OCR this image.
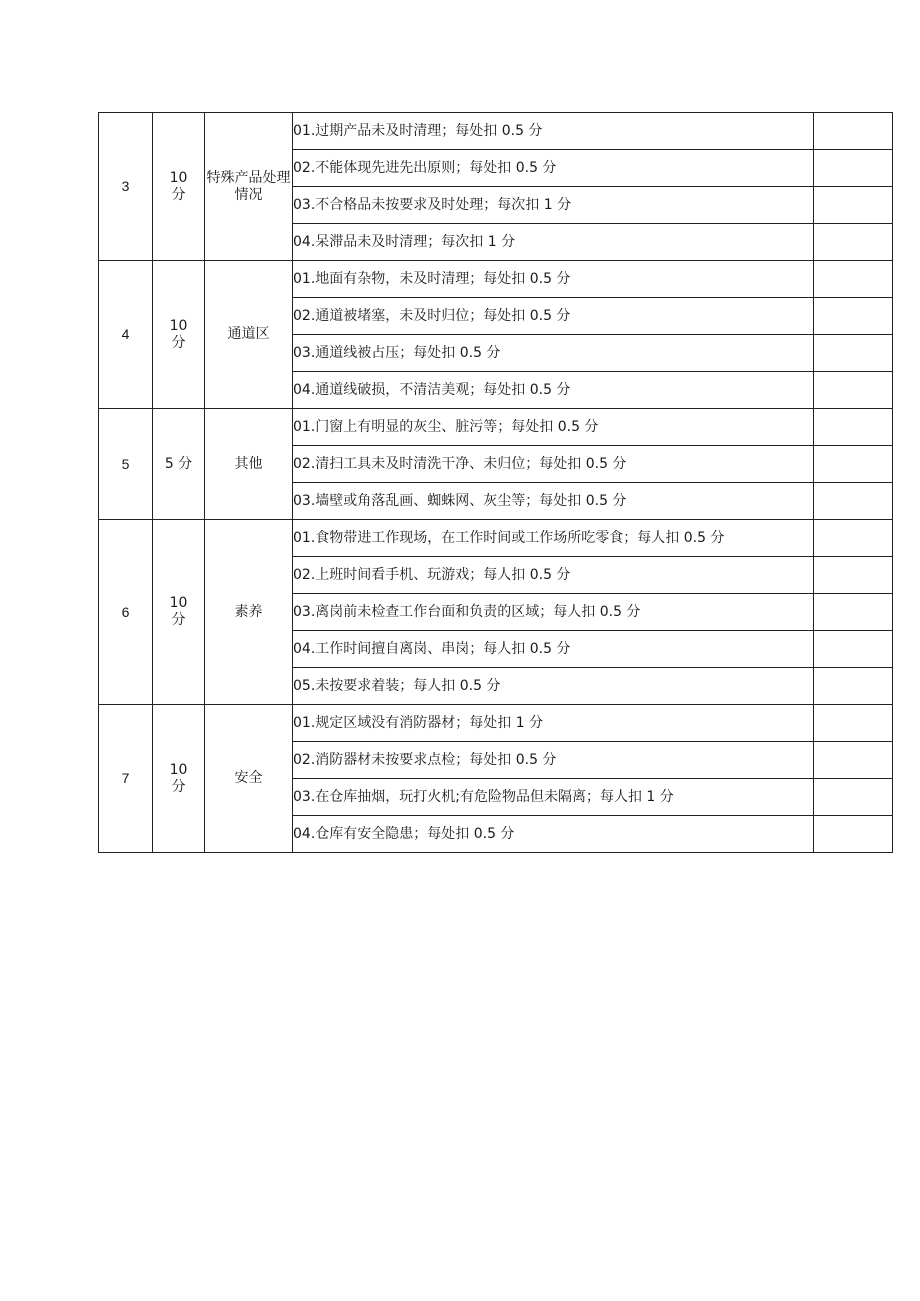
3	10
分	特殊产品处理情况	01.过期产品未及时清理；每处扣 0.5 分	
			02.不能体现先进先出原则；每处扣 0.5 分	
			03.不合格品未按要求及时处理；每次扣 1 分	
			04.呆滞品未及时清理；每次扣 1 分	
4	10
分	通道区	01.地面有杂物，未及时清理；每处扣 0.5 分	
			02.通道被堵塞，未及时归位；每处扣 0.5 分	
			03.通道线被占压；每处扣 0.5 分	
			04.通道线破损，不清洁美观；每处扣 0.5 分	
5	5 分	其他	01.门窗上有明显的灰尘、脏污等；每处扣 0.5 分	
			02.清扫工具未及时清洗干净、未归位；每处扣 0.5 分	
			03.墙壁或角落乱画、蜘蛛网、灰尘等；每处扣 0.5 分	
6	10
分	素养	01.食物带进工作现场，在工作时间或工作场所吃零食；每人扣 0.5 分	
			02.上班时间看手机、玩游戏；每人扣 0.5 分	
			03.离岗前未检查工作台面和负责的区域；每人扣 0.5 分	
			04.工作时间擅自离岗、串岗；每人扣 0.5 分	
			05.未按要求着装；每人扣 0.5 分	
7	10
分	安全	01.规定区域没有消防器材；每处扣 1 分	
			02.消防器材未按要求点检；每处扣 0.5 分	
			03.在仓库抽烟，玩打火机;有危险物品但未隔离；每人扣 1 分	
			04.仓库有安全隐患；每处扣 0.5 分	
